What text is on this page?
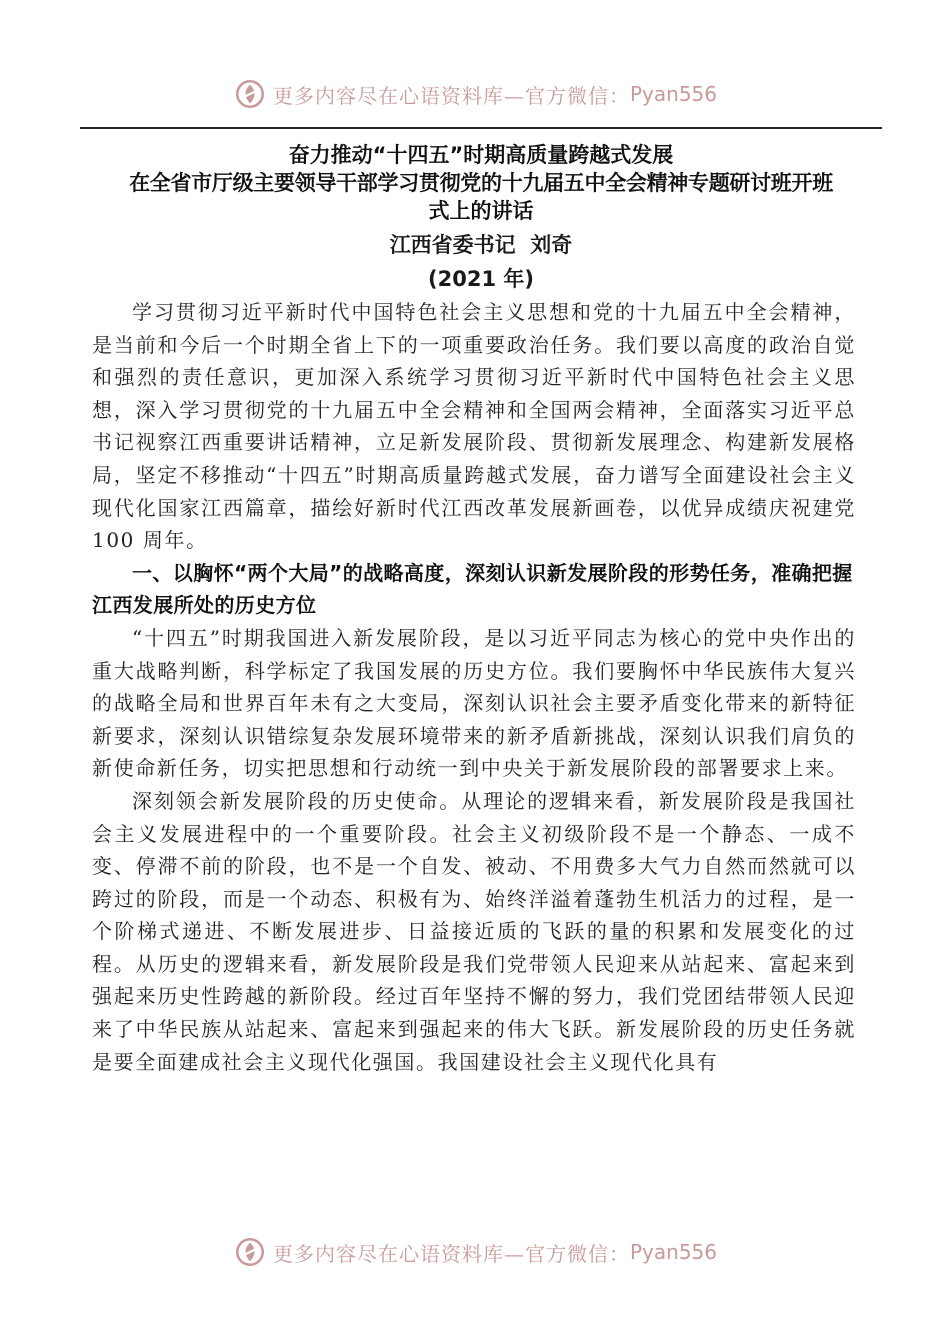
更多内容尽在心语资料库—官方微信： Pyan556
奋力推动“十四五”时期高质量跨越式发展
在全省市厅级主要领导干部学习贯彻党的十九届五中全会精神专题研讨班开班
式上的讲话
江西省委书记  刘奇
(2021 年)

学习贯彻习近平新时代中国特色社会主义思想和党的十九届五中全会精神，是当前和今后一个时期全省上下的一项重要政治任务。我们要以高度的政治自觉和强烈的责任意识，更加深入系统学习贯彻习近平新时代中国特色社会主义思想，深入学习贯彻党的十九届五中全会精神和全国两会精神，全面落实习近平总书记视察江西重要讲话精神，立足新发展阶段、贯彻新发展理念、构建新发展格局，坚定不移推动“十四五”时期高质量跨越式发展，奋力谱写全面建设社会主义现代化国家江西篇章，描绘好新时代江西改革发展新画卷，以优异成绩庆祝建党 100 周年。

一、以胸怀“两个大局”的战略高度，深刻认识新发展阶段的形势任务，准确把握江西发展所处的历史方位

“十四五”时期我国进入新发展阶段，是以习近平同志为核心的党中央作出的重大战略判断，科学标定了我国发展的历史方位。我们要胸怀中华民族伟大复兴的战略全局和世界百年未有之大变局，深刻认识社会主要矛盾变化带来的新特征新要求，深刻认识错综复杂发展环境带来的新矛盾新挑战，深刻认识我们肩负的新使命新任务，切实把思想和行动统一到中央关于新发展阶段的部署要求上来。

深刻领会新发展阶段的历史使命。从理论的逻辑来看，新发展阶段是我国社会主义发展进程中的一个重要阶段。社会主义初级阶段不是一个静态、一成不变、停滞不前的阶段，也不是一个自发、被动、不用费多大气力自然而然就可以跨过的阶段，而是一个动态、积极有为、始终洋溢着蓬勃生机活力的过程，是一个阶梯式递进、不断发展进步、日益接近质的飞跃的量的积累和发展变化的过程。从历史的逻辑来看，新发展阶段是我们党带领人民迎来从站起来、富起来到强起来历史性跨越的新阶段。经过百年坚持不懈的努力，我们党团结带领人民迎来了中华民族从站起来、富起来到强起来的伟大飞跃。新发展阶段的历史任务就是要全面建成社会主义现代化强国。我国建设社会主义现代化具有

更多内容尽在心语资料库—官方微信： Pyan556
